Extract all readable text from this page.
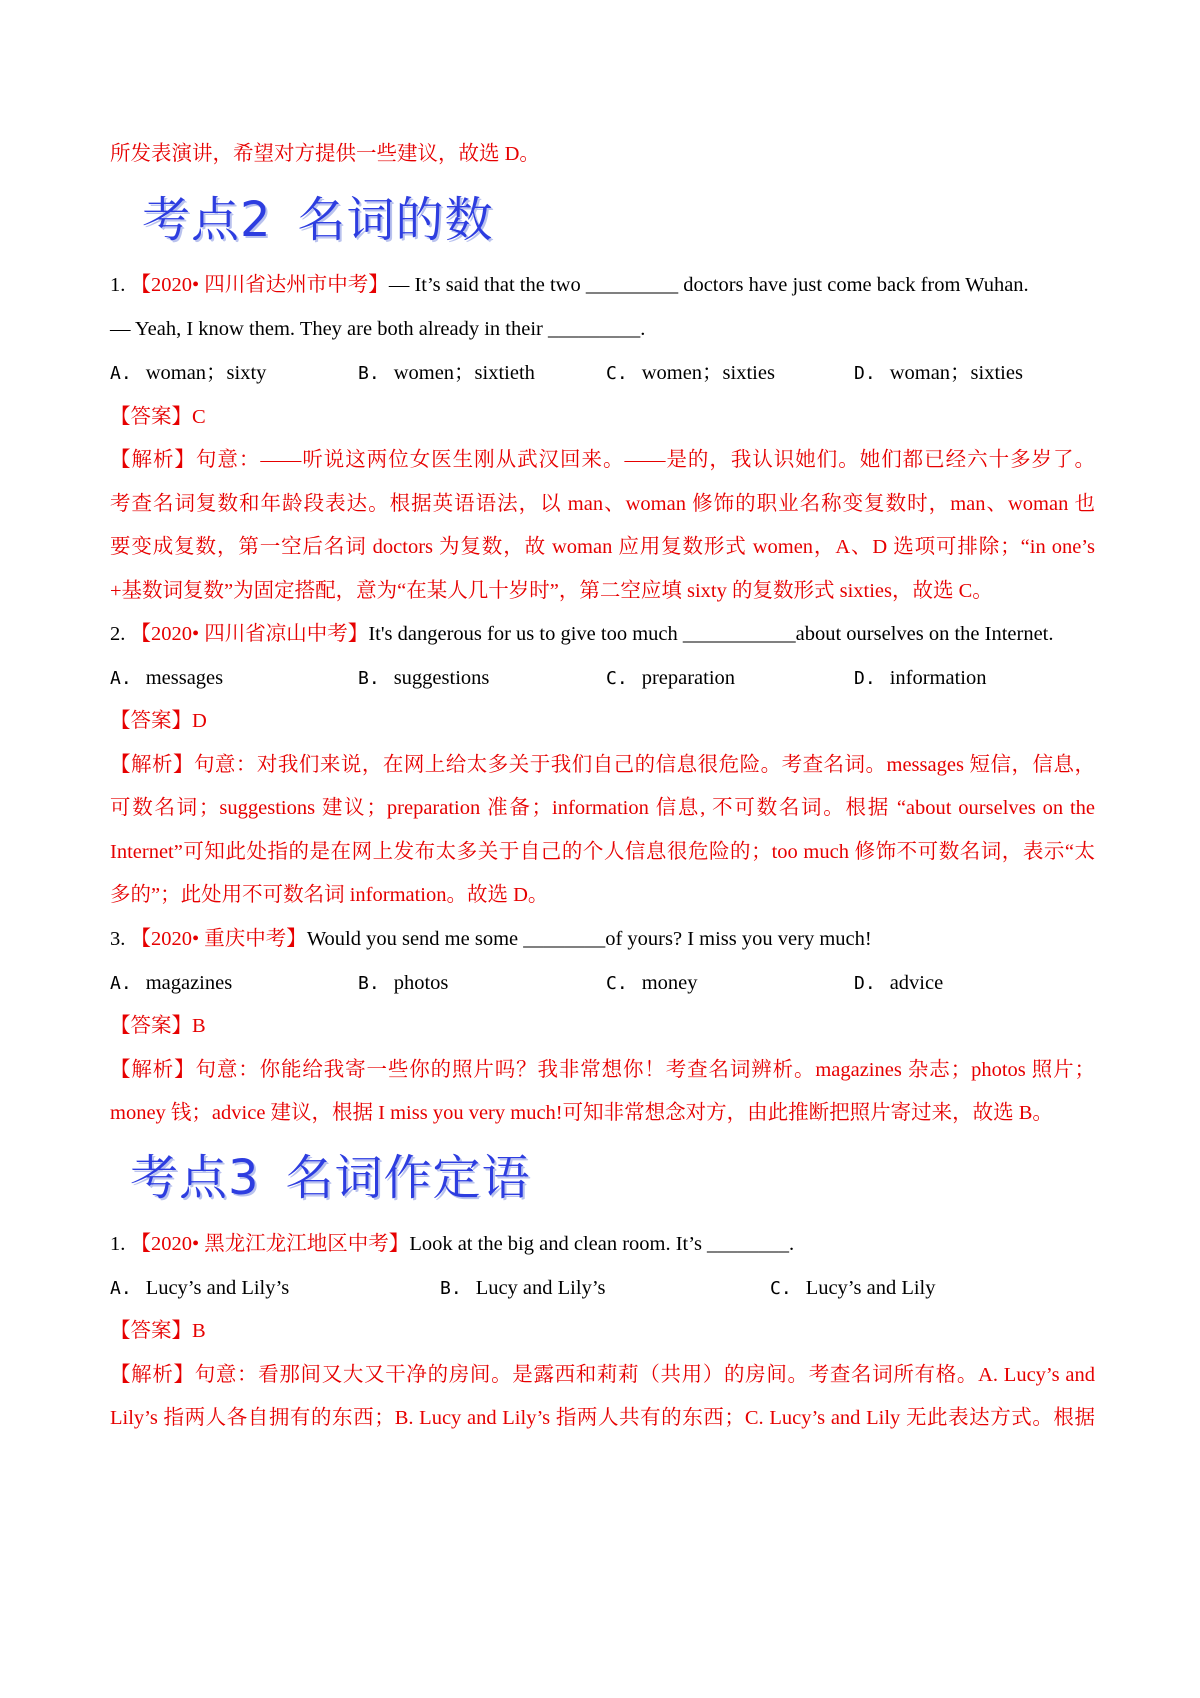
所发表演讲，希望对方提供一些建议，故选 D。
考点2 名词的数
1. 【2020• 四川省达州市中考】— It’s said that the two _________ doctors have just come back from Wuhan.
— Yeah, I know them. They are both already in their _________.
A. woman；sixty	B. women；sixtieth	C. women；sixties	D. woman；sixties
【答案】C
【解析】句意：——听说这两位女医生刚从武汉回来。——是的，我认识她们。她们都已经六十多岁了。
考查名词复数和年龄段表达。根据英语语法，以 man、woman 修饰的职业名称变复数时，man、woman 也
要变成复数，第一空后名词 doctors 为复数，故 woman 应用复数形式 women，A、D 选项可排除；“in one’s
+基数词复数”为固定搭配，意为“在某人几十岁时”，第二空应填 sixty 的复数形式 sixties，故选 C。
2. 【2020• 四川省凉山中考】It's dangerous for us to give too much ___________about ourselves on the Internet.
A. messages	B. suggestions	C. preparation	D. information
【答案】D
【解析】句意：对我们来说，在网上给太多关于我们自己的信息很危险。考查名词。messages 短信，信息，
可数名词；suggestions 建议；preparation 准备；information 信息, 不可数名词。根据 “about ourselves on the
Internet”可知此处指的是在网上发布太多关于自己的个人信息很危险的；too much 修饰不可数名词，表示“太
多的”；此处用不可数名词 information。故选 D。
3. 【2020• 重庆中考】Would you send me some ________of yours? I miss you very much!
A. magazines	B. photos	C. money	D. advice
【答案】B
【解析】句意：你能给我寄一些你的照片吗？我非常想你！考查名词辨析。magazines 杂志；photos 照片；
money 钱；advice 建议，根据 I miss you very much!可知非常想念对方，由此推断把照片寄过来，故选 B。
考点3 名词作定语
1. 【2020• 黑龙江龙江地区中考】Look at the big and clean room. It’s ________.
A. Lucy’s and Lily’s	B. Lucy and Lily’s	C. Lucy’s and Lily
【答案】B
【解析】句意：看那间又大又干净的房间。是露西和莉莉（共用）的房间。考查名词所有格。A. Lucy’s and
Lily’s 指两人各自拥有的东西；B. Lucy and Lily’s 指两人共有的东西；C. Lucy’s and Lily 无此表达方式。根据
